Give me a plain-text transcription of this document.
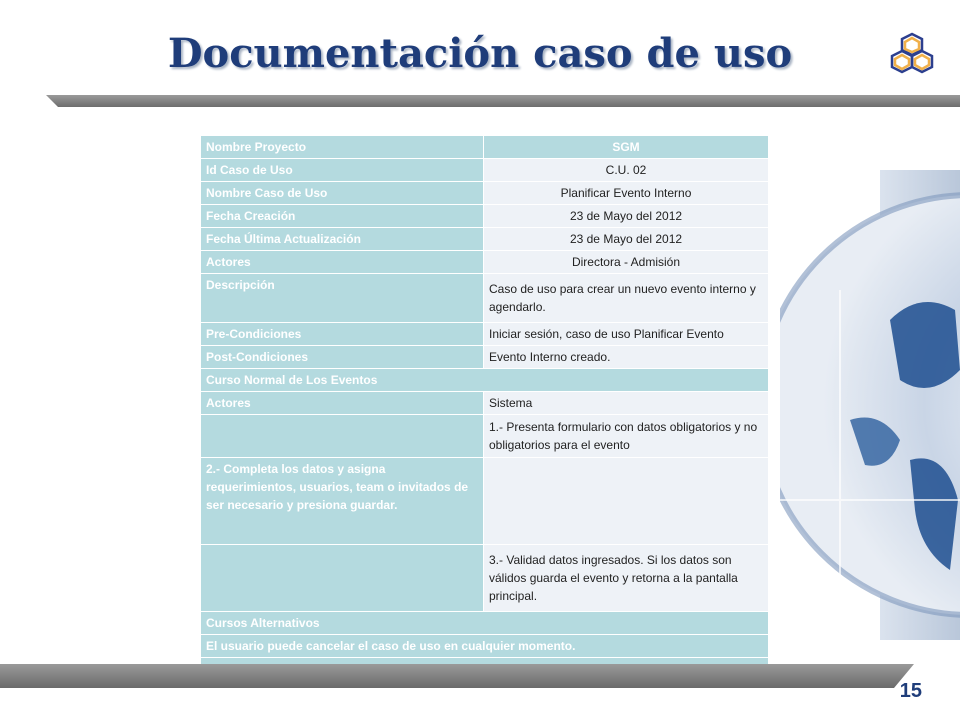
Documentación caso de uso
Nombre Proyecto	SGM
Id Caso de Uso	C.U. 02
Nombre Caso de Uso	Planificar Evento Interno
Fecha Creación	23 de Mayo del 2012
Fecha Última Actualización	23 de Mayo del 2012
Actores	Directora - Admisión
Descripción	Caso de uso para crear un nuevo evento interno y agendarlo.
Pre-Condiciones	Iniciar sesión, caso de uso Planificar Evento
Post-Condiciones	Evento Interno creado.
Curso Normal de Los Eventos	
Actores	Sistema
	1.- Presenta formulario con datos obligatorios y no obligatorios para el evento
2.- Completa los datos y asigna requerimientos, usuarios, team o invitados de ser necesario y presiona guardar.	
	3.- Validad datos ingresados. Si los datos son válidos guarda el evento y retorna a la pantalla principal.
Cursos Alternativos	
El usuario puede cancelar el caso de uso en cualquier momento.	

15
